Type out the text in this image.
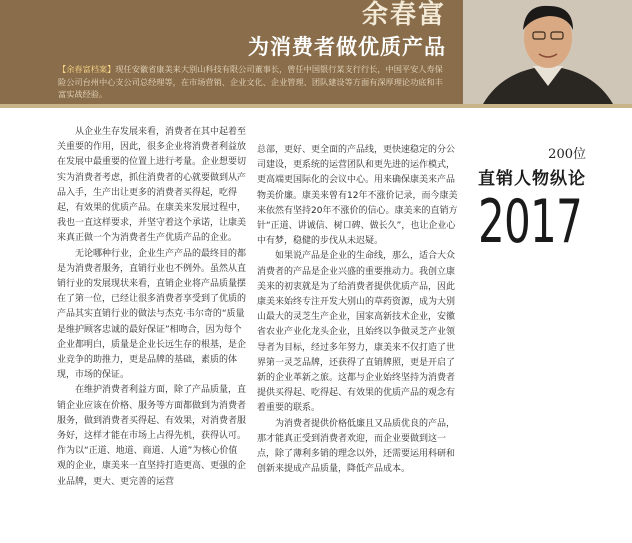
余春富
为消费者做优质产品
【余春富档案】现任安徽省康美来大别山科技有限公司董事长，曾任中国银行某支行行长，中国平安人寿保险公司台州中心支公司总经理等，在市场营销、企业文化、企业管理、团队建设等方面有深厚理论功底和丰富实战经验。

从企业生存发展来看，消费者在其中起着至关重要的作用，因此，很多企业将消费者利益放在发展中最重要的位置上进行考量。企业想要切实为消费者考虑，抓住消费者的心就要做到从产品入手，生产出让更多的消费者买得起，吃得起，有效果的优质产品。在康美来发展过程中，我也一直这样要求，并坚守着这个承诺，让康美来真正做一个为消费者生产优质产品的企业。

无论哪种行业，企业生产产品的最终目的都是为消费者服务，直销行业也不例外。虽然从直销行业的发展现状来看，直销企业将产品质量摆在了第一位，已经让很多消费者享受到了优质的产品其实直销行业的做法与杰克·韦尔奇的“质量是维护顾客忠诚的最好保证”相吻合，因为每个企业都明白，质量是企业长远生存的根基，是企业竞争的助推力，更是品牌的基础，素质的体现，市场的保证。

在维护消费者利益方面，除了产品质量，直销企业应该在价格、服务等方面都做到为消费者服务，做到消费者买得起、有效果，对消费者服务好，这样才能在市场上占得先机，获得认可。作为以“正道、地道、商道、人道”为核心价值观的企业，康美来一直坚持打造更高、更强的企业品牌，更大、更完善的运营

总部，更好、更全面的产品线，更快速稳定的分公司建设，更系统的运营团队和更先进的运作模式，更高端更国际化的会议中心。用来确保康美来产品物美价廉。康美来曾有12年不涨价记录，而今康美来依然有坚持20年不涨价的信心。康美来的直销方针“正道、讲诚信、树口碑、做长久”，也让企业心中有梦，稳健的步伐从未迟疑。

如果说产品是企业的生命线，那么，适合大众消费者的产品是企业兴盛的重要推动力。我创立康美来的初衷就是为了给消费者提供优质产品，因此康美来始终专注开发大别山的草药资源，成为大别山最大的灵芝生产企业，国家高新技术企业，安徽省农业产业化龙头企业，且始终以争做灵芝产业领导者为目标，经过多年努力，康美来不仅打造了世界第一灵芝品牌，还获得了直销牌照，更是开启了新的企业革新之旅。这都与企业始终坚持为消费者提供买得起、吃得起、有效果的优质产品的观念有着重要的联系。

为消费者提供价格低廉且又品质优良的产品，那才能真正受到消费者欢迎，而企业要做到这一点，除了薄利多销的理念以外，还需要运用科研和创新来提成产品质量，降低产品成本。

200位
直销人物纵论
2017
